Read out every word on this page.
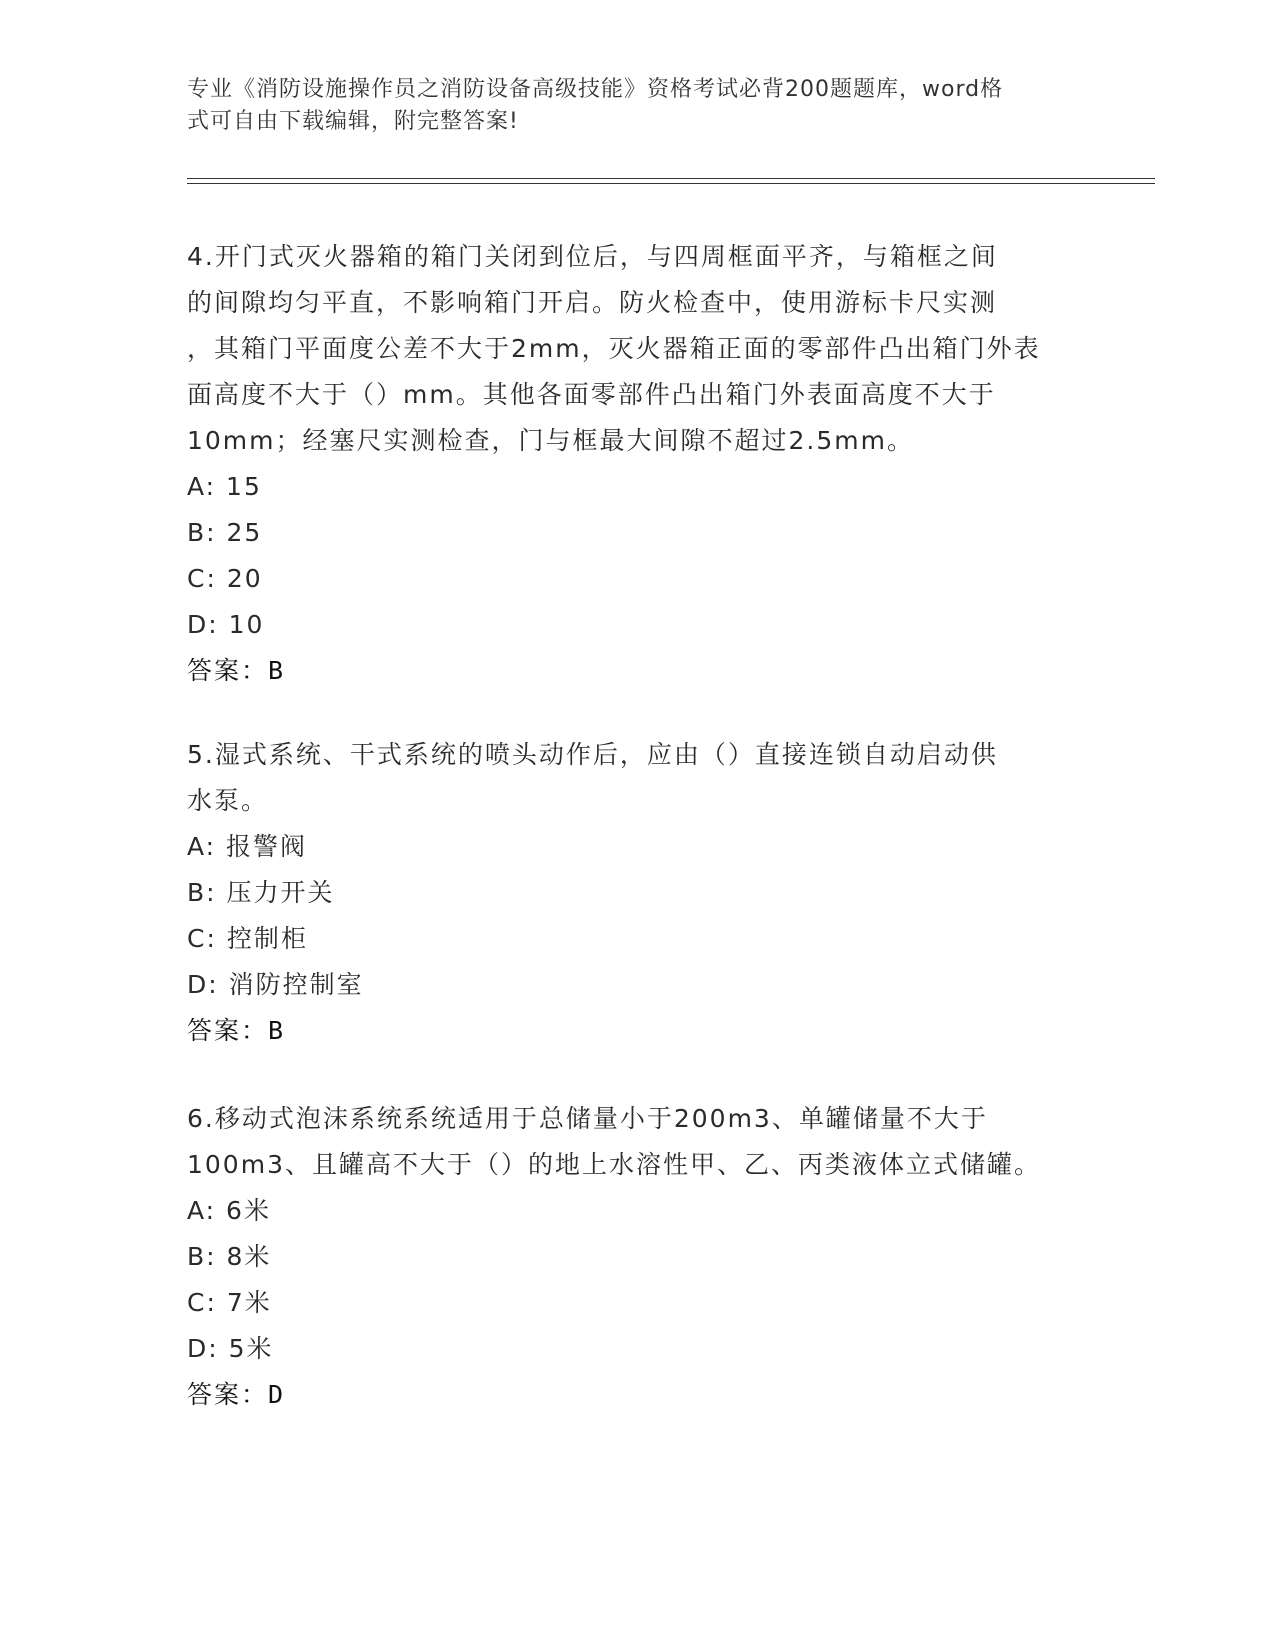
专业《消防设施操作员之消防设备高级技能》资格考试必背200题题库，word格
式可自由下载编辑，附完整答案!

4.开门式灭火器箱的箱门关闭到位后，与四周框面平齐，与箱框之间

的间隙均匀平直，不影响箱门开启。防火检查中，使用游标卡尺实测

，其箱门平面度公差不大于2mm，灭火器箱正面的零部件凸出箱门外表

面高度不大于（）mm。其他各面零部件凸出箱门外表面高度不大于

10mm；经塞尺实测检查，门与框最大间隙不超过2.5mm。

A: 15

B: 25

C: 20

D: 10

答案：B

5.湿式系统、干式系统的喷头动作后，应由（）直接连锁自动启动供

水泵。

A: 报警阀

B: 压力开关

C: 控制柜

D: 消防控制室

答案：B

6.移动式泡沫系统系统适用于总储量小于200m3、单罐储量不大于

100m3、且罐高不大于（）的地上水溶性甲、乙、丙类液体立式储罐。

A: 6米

B: 8米

C: 7米

D: 5米

答案：D
